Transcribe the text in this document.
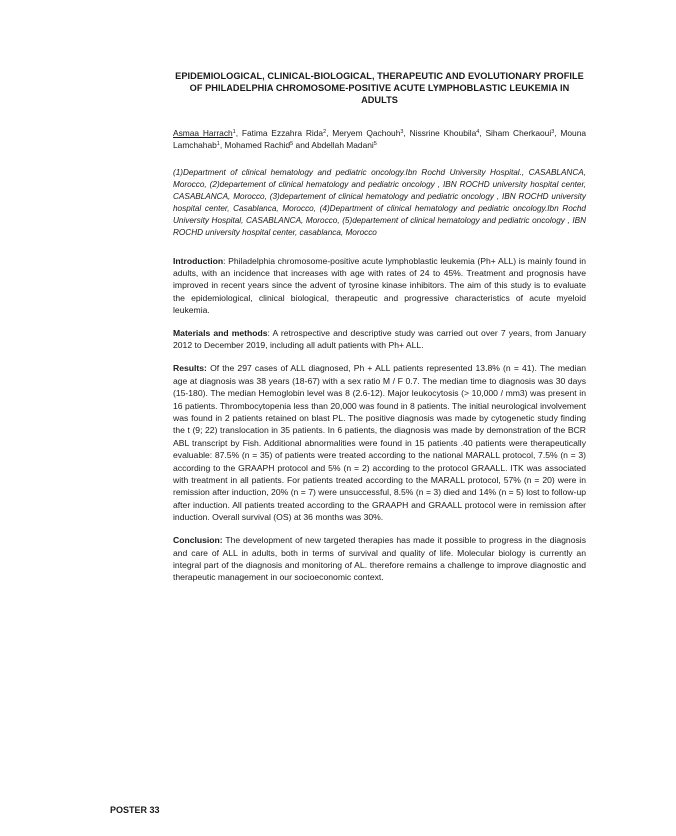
EPIDEMIOLOGICAL, CLINICAL-BIOLOGICAL, THERAPEUTIC AND EVOLUTIONARY PROFILE OF PHILADELPHIA CHROMOSOME-POSITIVE ACUTE LYMPHOBLASTIC LEUKEMIA IN ADULTS
Asmaa Harrach$^1$, Fatima Ezzahra Rida$^2$, Meryem Qachouh$^3$, Nissrine Khoubila$^4$, Siham Cherkaoui$^3$, Mouna Lamchahab$^1$, Mohamed Rachid$^5$ and Abdellah Madani$^5$
(1)Department of clinical hematology and pediatric oncology.Ibn Rochd University Hospital., CASABLANCA, Morocco, (2)departement of clinical hematology and pediatric oncology , IBN ROCHD university hospital center, CASABLANCA, Morocco, (3)departement of clinical hematology and pediatric oncology , IBN ROCHD university hospital center, Casablanca, Morocco, (4)Department of clinical hematology and pediatric oncology.Ibn Rochd University Hospital, CASABLANCA, Morocco, (5)departement of clinical hematology and pediatric oncology , IBN ROCHD university hospital center, casablanca, Morocco
Introduction: Philadelphia chromosome-positive acute lymphoblastic leukemia (Ph+ ALL) is mainly found in adults, with an incidence that increases with age with rates of 24 to 45%. Treatment and prognosis have improved in recent years since the advent of tyrosine kinase inhibitors. The aim of this study is to evaluate the epidemiological, clinical biological, therapeutic and progressive characteristics of acute myeloid leukemia.
Materials and methods: A retrospective and descriptive study was carried out over 7 years, from January 2012 to December 2019, including all adult patients with Ph+ ALL.
Results: Of the 297 cases of ALL diagnosed, Ph + ALL patients represented 13.8% (n = 41). The median age at diagnosis was 38 years (18-67) with a sex ratio M / F 0.7. The median time to diagnosis was 30 days (15-180). The median Hemoglobin level was 8 (2.6-12). Major leukocytosis (> 10,000 / mm3) was present in 16 patients. Thrombocytopenia less than 20,000 was found in 8 patients. The initial neurological involvement was found in 2 patients retained on blast PL. The positive diagnosis was made by cytogenetic study finding the t (9; 22) translocation in 35 patients. In 6 patients, the diagnosis was made by demonstration of the BCR ABL transcript by Fish. Additional abnormalities were found in 15 patients .40 patients were therapeutically evaluable: 87.5% (n = 35) of patients were treated according to the national MARALL protocol, 7.5% (n = 3) according to the GRAAPH protocol and 5% (n = 2) according to the protocol GRAALL. ITK was associated with treatment in all patients. For patients treated according to the MARALL protocol, 57% (n = 20) were in remission after induction, 20% (n = 7) were unsuccessful, 8.5% (n = 3) died and 14% (n = 5) lost to follow-up after induction. All patients treated according to the GRAAPH and GRAALL protocol were in remission after induction. Overall survival (OS) at 36 months was 30%.
Conclusion: The development of new targeted therapies has made it possible to progress in the diagnosis and care of ALL in adults, both in terms of survival and quality of life. Molecular biology is currently an integral part of the diagnosis and monitoring of AL. therefore remains a challenge to improve diagnostic and therapeutic management in our socioeconomic context.
POSTER 33
